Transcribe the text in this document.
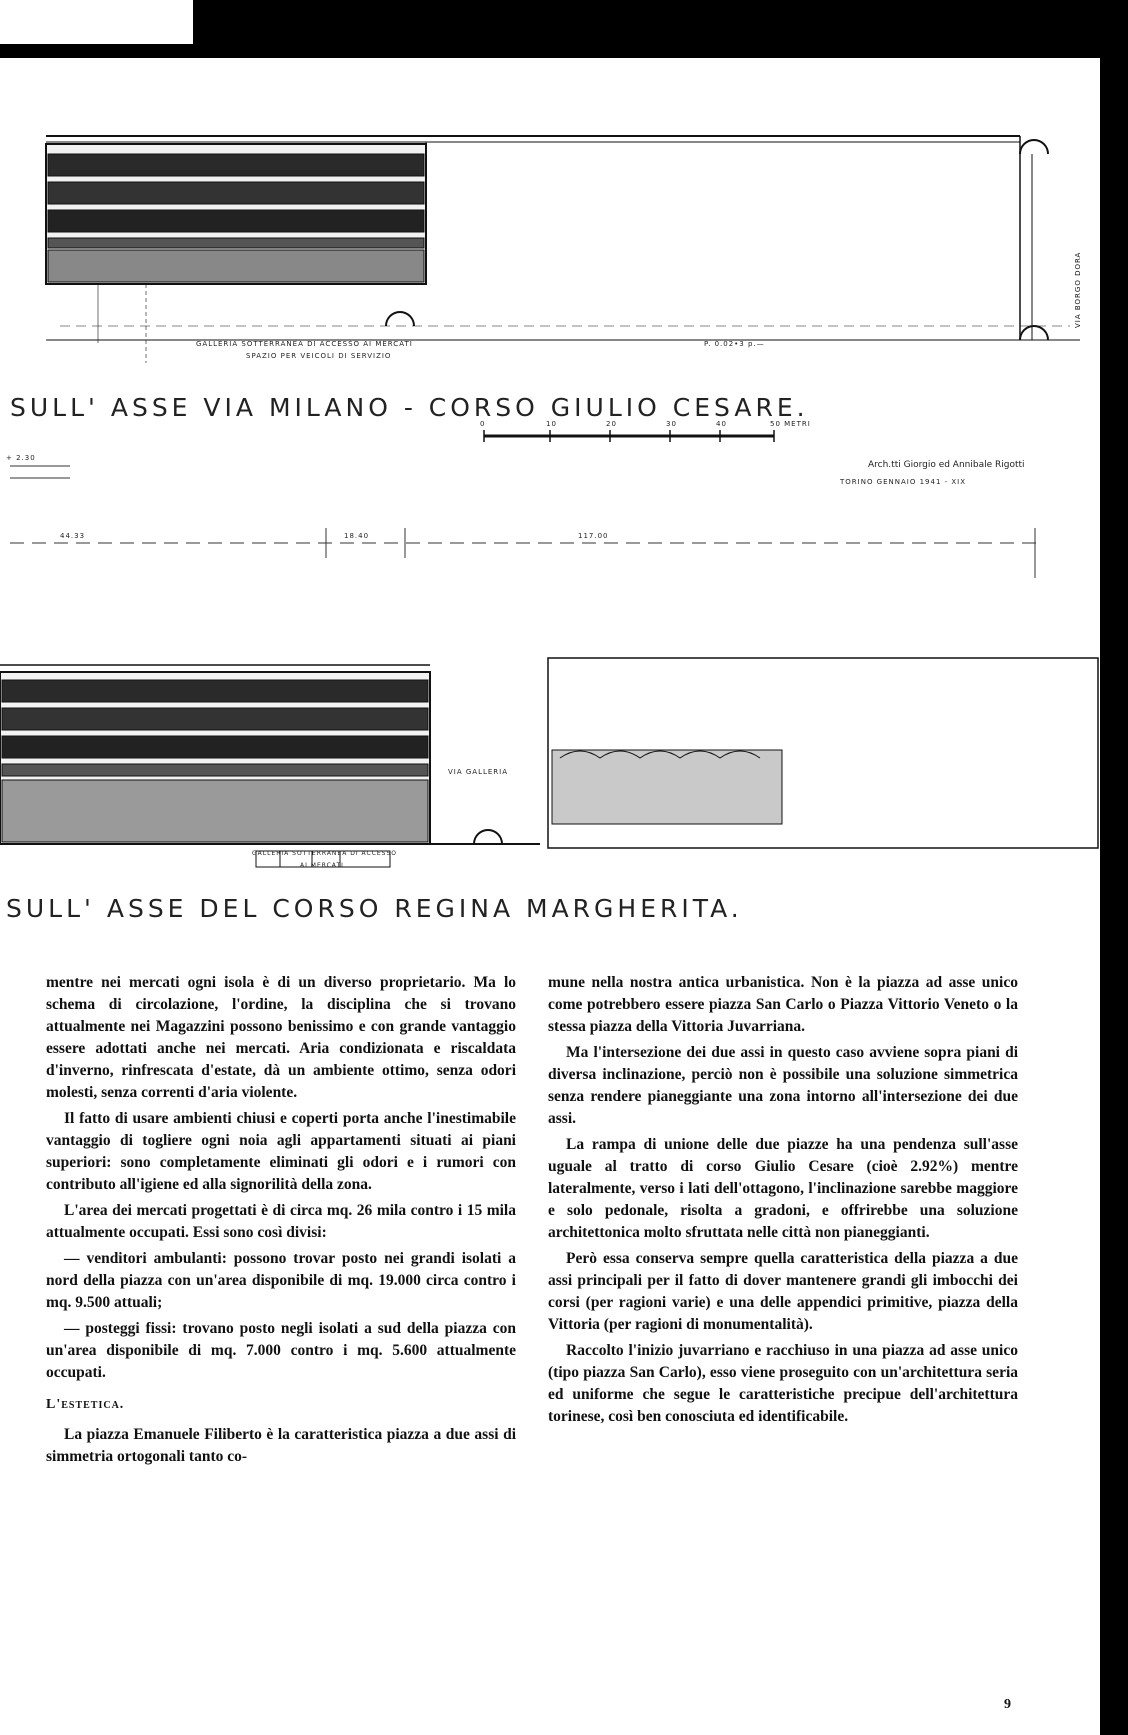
GALLERIA SOTTERRANEA DI ACCESSO AI MERCATI
SPAZIO PER VEICOLI DI SERVIZIO
P. 0.02•3 p.—
VIA BORGO DORA
SULL' ASSE VIA MILANO - CORSO GIULIO CESARE.
0	10	20	30	40	50 METRI
Arch.tti Giorgio ed Annibale Rigotti
TORINO GENNAIO 1941 - XIX
+ 2.30
44.33	18.40	117.00
VIA GALLERIA
GALLERIA SOTTERRANEA DI ACCESSO
AI MERCATI
SULL' ASSE DEL CORSO REGINA MARGHERITA.

mentre nei mercati ogni isola è di un diverso proprietario. Ma lo schema di circolazione, l'ordine, la disciplina che si trovano attualmente nei Magazzini possono benissimo e con grande vantaggio essere adottati anche nei mercati. Aria condizionata e riscaldata d'inverno, rinfrescata d'estate, dà un ambiente ottimo, senza odori molesti, senza correnti d'aria violente.

Il fatto di usare ambienti chiusi e coperti porta anche l'inestimabile vantaggio di togliere ogni noia agli appartamenti situati ai piani superiori: sono completamente eliminati gli odori e i rumori con contributo all'igiene ed alla signorilità della zona.

L'area dei mercati progettati è di circa mq. 26 mila contro i 15 mila attualmente occupati. Essi sono così divisi:

— venditori ambulanti: possono trovar posto nei grandi isolati a nord della piazza con un'area disponibile di mq. 19.000 circa contro i mq. 9.500 attuali;

— posteggi fissi: trovano posto negli isolati a sud della piazza con un'area disponibile di mq. 7.000 contro i mq. 5.600 attualmente occupati.

L'estetica.

La piazza Emanuele Filiberto è la caratteristica piazza a due assi di simmetria ortogonali tanto co-

mune nella nostra antica urbanistica. Non è la piazza ad asse unico come potrebbero essere piazza San Carlo o Piazza Vittorio Veneto o la stessa piazza della Vittoria Juvarriana.

Ma l'intersezione dei due assi in questo caso avviene sopra piani di diversa inclinazione, perciò non è possibile una soluzione simmetrica senza rendere pianeggiante una zona intorno all'intersezione dei due assi.

La rampa di unione delle due piazze ha una pendenza sull'asse uguale al tratto di corso Giulio Cesare (cioè 2.92%) mentre lateralmente, verso i lati dell'ottagono, l'inclinazione sarebbe maggiore e solo pedonale, risolta a gradoni, e offrirebbe una soluzione architettonica molto sfruttata nelle città non pianeggianti.

Però essa conserva sempre quella caratteristica della piazza a due assi principali per il fatto di dover mantenere grandi gli imbocchi dei corsi (per ragioni varie) e una delle appendici primitive, piazza della Vittoria (per ragioni di monumentalità).

Raccolto l'inizio juvarriano e racchiuso in una piazza ad asse unico (tipo piazza San Carlo), esso viene proseguito con un'architettura seria ed uniforme che segue le caratteristiche precipue dell'architettura torinese, così ben conosciuta ed identificabile.

9
